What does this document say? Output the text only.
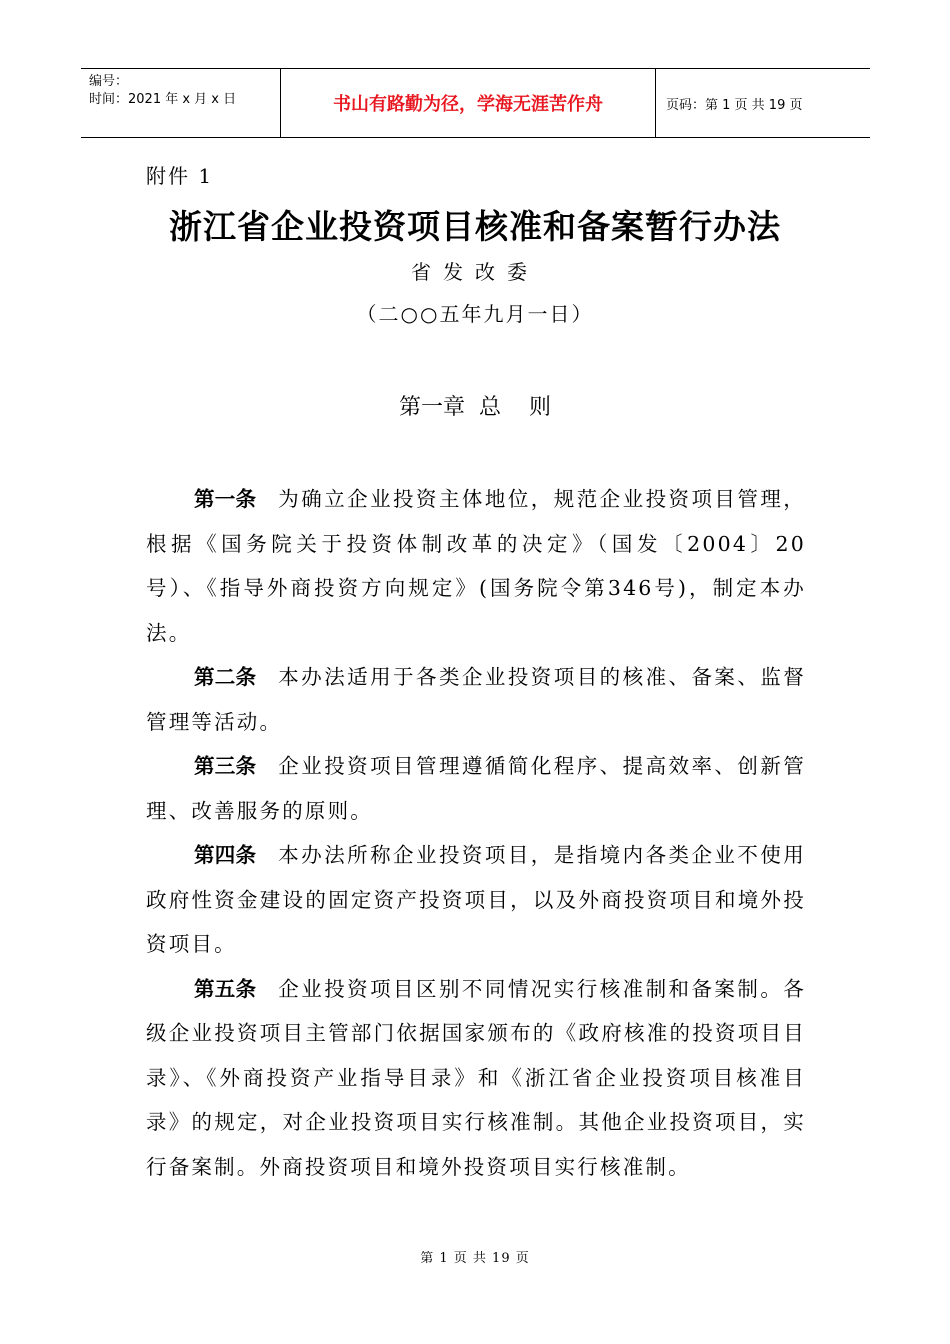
编号：
时间：2021 年 x 月 x 日	书山有路勤为径，学海无涯苦作舟	页码：第 1 页 共 19 页
附件 1
浙江省企业投资项目核准和备案暂行办法
省发改委
（二○○五年九月一日）
第一章  总    则

第一条 为确立企业投资主体地位，规范企业投资项目管理，根据《国务院关于投资体制改革的决定》（国发〔2004〕20号）、《指导外商投资方向规定》(国务院令第346号)，制定本办法。

第二条 本办法适用于各类企业投资项目的核准、备案、监督管理等活动。

第三条 企业投资项目管理遵循简化程序、提高效率、创新管理、改善服务的原则。

第四条 本办法所称企业投资项目，是指境内各类企业不使用政府性资金建设的固定资产投资项目，以及外商投资项目和境外投资项目。

第五条 企业投资项目区别不同情况实行核准制和备案制。各级企业投资项目主管部门依据国家颁布的《政府核准的投资项目目录》、《外商投资产业指导目录》和《浙江省企业投资项目核准目录》的规定，对企业投资项目实行核准制。其他企业投资项目，实行备案制。外商投资项目和境外投资项目实行核准制。

第 1 页 共 19 页
